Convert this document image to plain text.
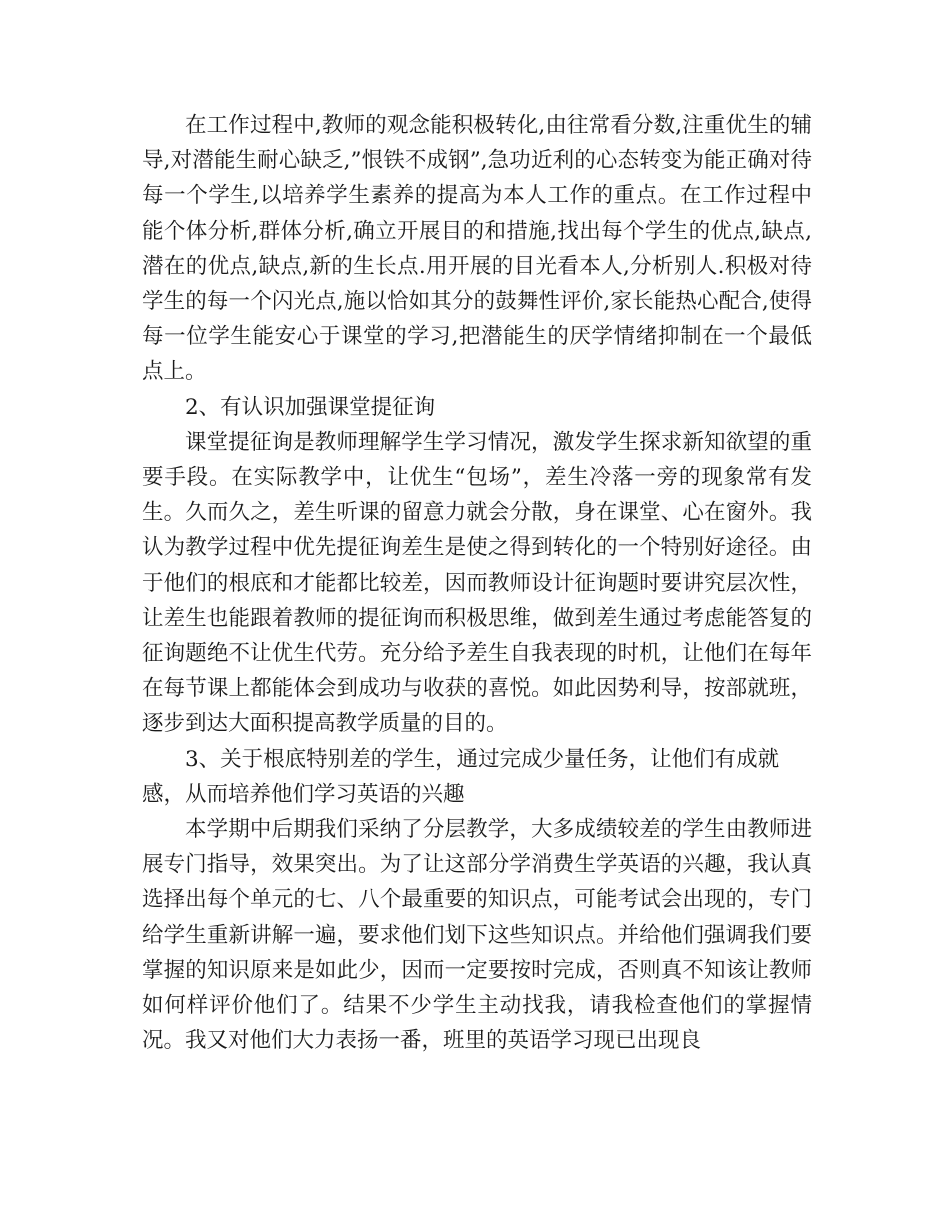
在工作过程中,教师的观念能积极转化,由往常看分数,注重优生的辅导,对潜能生耐心缺乏,”恨铁不成钢”,急功近利的心态转变为能正确对待每一个学生,以培养学生素养的提高为本人工作的重点。在工作过程中能个体分析,群体分析,确立开展目的和措施,找出每个学生的优点,缺点,潜在的优点,缺点,新的生长点.用开展的目光看本人,分析别人.积极对待学生的每一个闪光点,施以恰如其分的鼓舞性评价,家长能热心配合,使得每一位学生能安心于课堂的学习,把潜能生的厌学情绪抑制在一个最低点上。

2、有认识加强课堂提征询

课堂提征询是教师理解学生学习情况，激发学生探求新知欲望的重要手段。在实际教学中，让优生“包场”，差生冷落一旁的现象常有发生。久而久之，差生听课的留意力就会分散，身在课堂、心在窗外。我认为教学过程中优先提征询差生是使之得到转化的一个特别好途径。由于他们的根底和才能都比较差，因而教师设计征询题时要讲究层次性，让差生也能跟着教师的提征询而积极思维，做到差生通过考虑能答复的征询题绝不让优生代劳。充分给予差生自我表现的时机，让他们在每年在每节课上都能体会到成功与收获的喜悦。如此因势利导，按部就班，逐步到达大面积提高教学质量的目的。

3、关于根底特别差的学生，通过完成少量任务，让他们有成就感，从而培养他们学习英语的兴趣

本学期中后期我们采纳了分层教学，大多成绩较差的学生由教师进展专门指导，效果突出。为了让这部分学消费生学英语的兴趣，我认真选择出每个单元的七、八个最重要的知识点，可能考试会出现的，专门给学生重新讲解一遍，要求他们划下这些知识点。并给他们强调我们要掌握的知识原来是如此少，因而一定要按时完成，否则真不知该让教师如何样评价他们了。结果不少学生主动找我，请我检查他们的掌握情况。我又对他们大力表扬一番，班里的英语学习现已出现良
